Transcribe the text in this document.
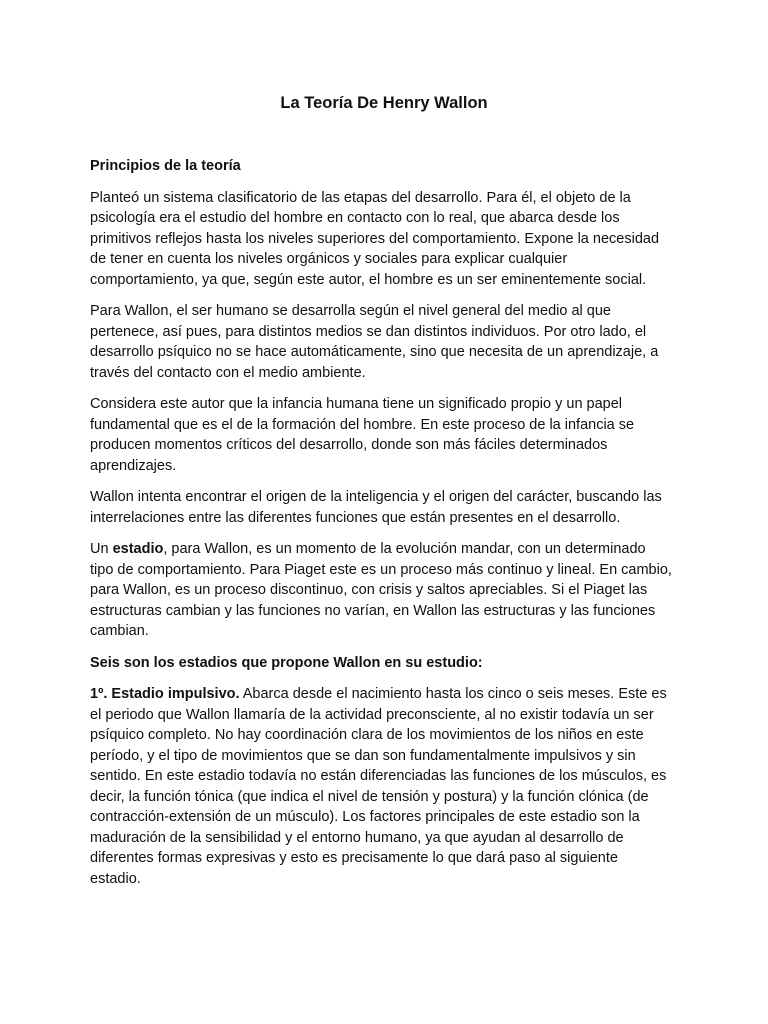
La Teoría De Henry Wallon
Principios de la teoría

Planteó un sistema clasificatorio de las etapas del desarrollo. Para él, el objeto de la psicología era el estudio del hombre en contacto con lo real, que abarca desde los primitivos reflejos hasta los niveles superiores del comportamiento. Expone la necesidad de tener en cuenta los niveles orgánicos y sociales para explicar cualquier comportamiento, ya que, según este autor, el hombre es un ser eminentemente social.

Para Wallon, el ser humano se desarrolla según el nivel general del medio al que pertenece, así pues, para distintos medios se dan distintos individuos. Por otro lado, el desarrollo psíquico no se hace automáticamente, sino que necesita de un aprendizaje, a través del contacto con el medio ambiente.

Considera este autor que la infancia humana tiene un significado propio y un papel fundamental que es el de la formación del hombre. En este proceso de la infancia se producen momentos críticos del desarrollo, donde son más fáciles determinados aprendizajes.

Wallon intenta encontrar el origen de la inteligencia y el origen del carácter, buscando las interrelaciones entre las diferentes funciones que están presentes en el desarrollo.

Un estadio, para Wallon, es un momento de la evolución mandar, con un determinado tipo de comportamiento. Para Piaget este es un proceso más continuo y lineal. En cambio, para Wallon, es un proceso discontinuo, con crisis y saltos apreciables. Si el Piaget las estructuras cambian y las funciones no varían, en Wallon las estructuras y las funciones cambian.

Seis son los estadios que propone Wallon en su estudio:

1º. Estadio impulsivo. Abarca desde el nacimiento hasta los cinco o seis meses. Este es el periodo que Wallon llamaría de la actividad preconsciente, al no existir todavía un ser psíquico completo. No hay coordinación clara de los movimientos de los niños en este período, y el tipo de movimientos que se dan son fundamentalmente impulsivos y sin sentido. En este estadio todavía no están diferenciadas las funciones de los músculos, es decir, la función tónica (que indica el nivel de tensión y postura) y la función clónica (de contracción-extensión de un músculo). Los factores principales de este estadio son la maduración de la sensibilidad y el entorno humano, ya que ayudan al desarrollo de diferentes formas expresivas y esto es precisamente lo que dará paso al siguiente estadio.
